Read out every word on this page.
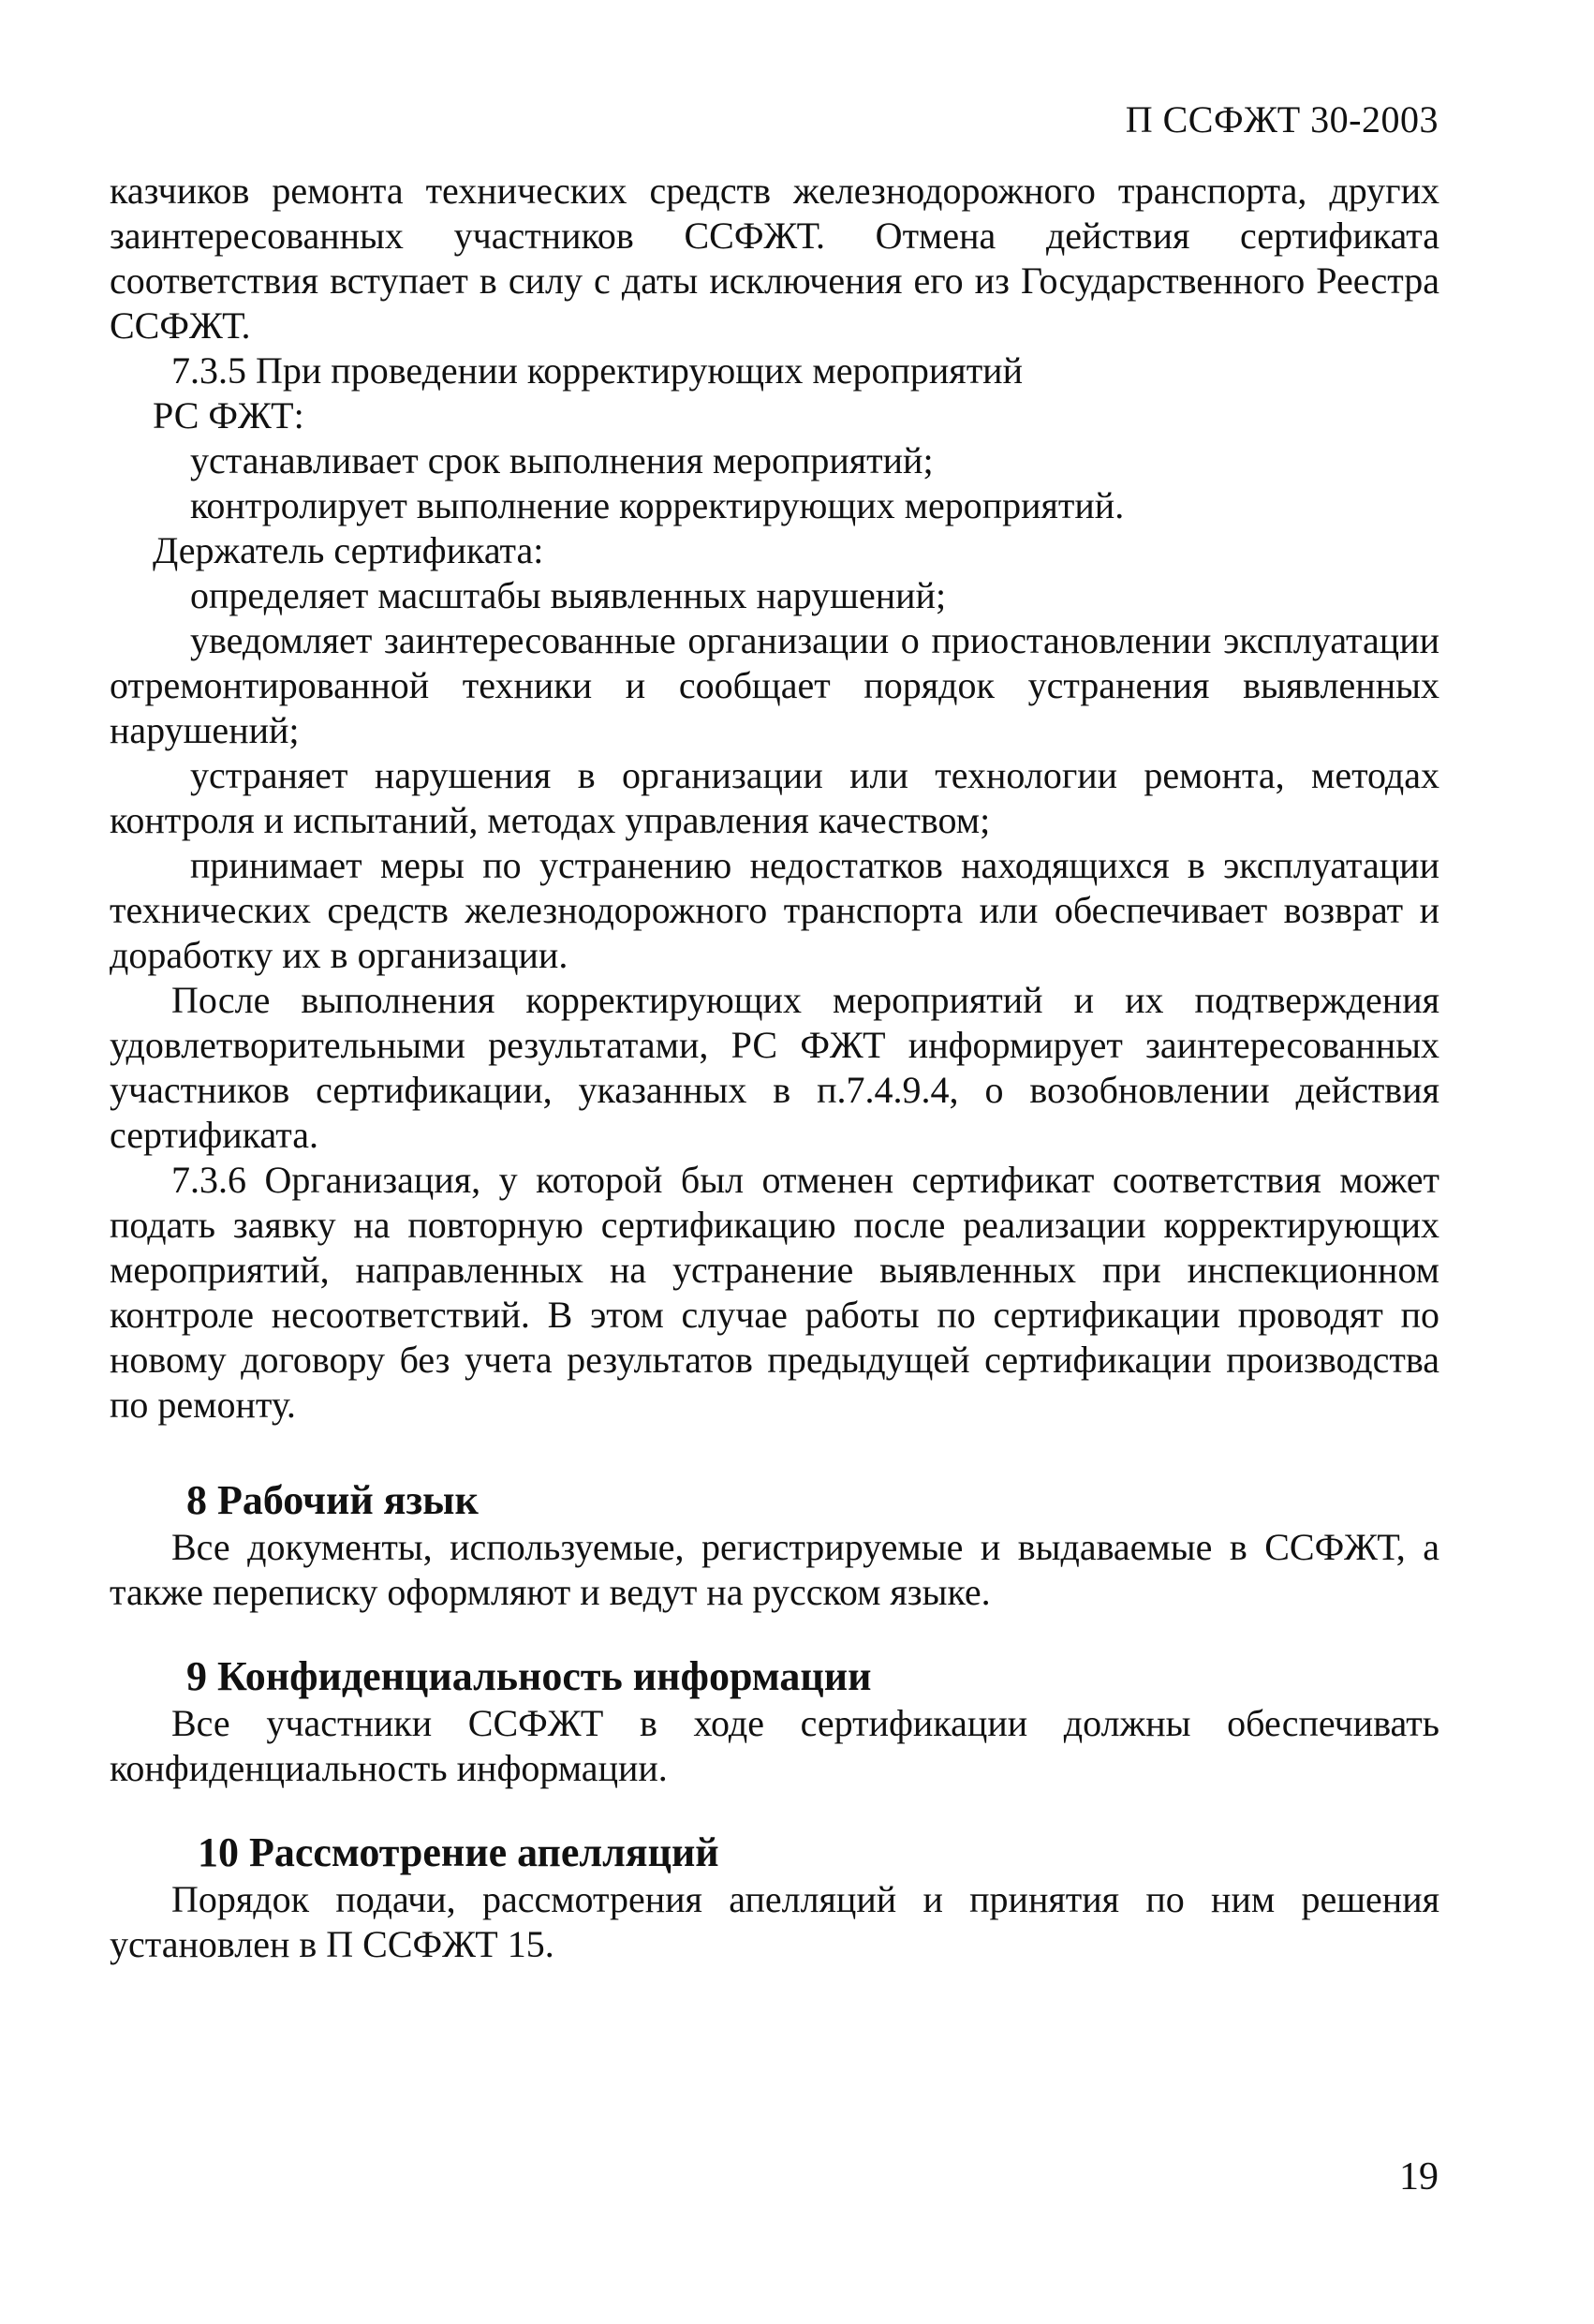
П ССФЖТ 30-2003

казчиков ремонта технических средств железнодорожного транспорта, других заинтересованных участников ССФЖТ. Отмена действия сертификата соответствия вступает в силу с даты исключения его из Государственного Реестра ССФЖТ.

7.3.5 При проведении корректирующих мероприятий

РС ФЖТ:

устанавливает срок выполнения мероприятий;

контролирует выполнение корректирующих мероприятий.

Держатель сертификата:

определяет масштабы выявленных нарушений;

уведомляет заинтересованные организации о приостановлении эксплуатации отремонтированной техники и сообщает порядок устранения выявленных нарушений;

устраняет нарушения в организации или технологии ремонта, методах контроля и испытаний, методах управления качеством;

принимает меры по устранению недостатков находящихся в эксплуатации технических средств железнодорожного транспорта или обеспечивает возврат и доработку их в организации.

После выполнения корректирующих мероприятий и их подтверждения удовлетворительными результатами, РС ФЖТ информирует заинтересованных участников сертификации, указанных в п.7.4.9.4, о возобновлении действия сертификата.

7.3.6 Организация, у которой был отменен сертификат соответствия может подать заявку на повторную сертификацию после реализации корректирующих мероприятий, направленных на устранение выявленных при инспекционном контроле несоответствий. В этом случае работы по сертификации проводят по новому договору без учета результатов предыдущей сертификации производства по ремонту.

8 Рабочий язык

Все документы, используемые, регистрируемые и выдаваемые в ССФЖТ, а также переписку оформляют и ведут на русском языке.

9 Конфиденциальность информации

Все участники ССФЖТ в ходе сертификации должны обеспечивать конфиденциальность информации.

10 Рассмотрение апелляций

Порядок подачи, рассмотрения апелляций и принятия по ним решения установлен в П ССФЖТ 15.

19
